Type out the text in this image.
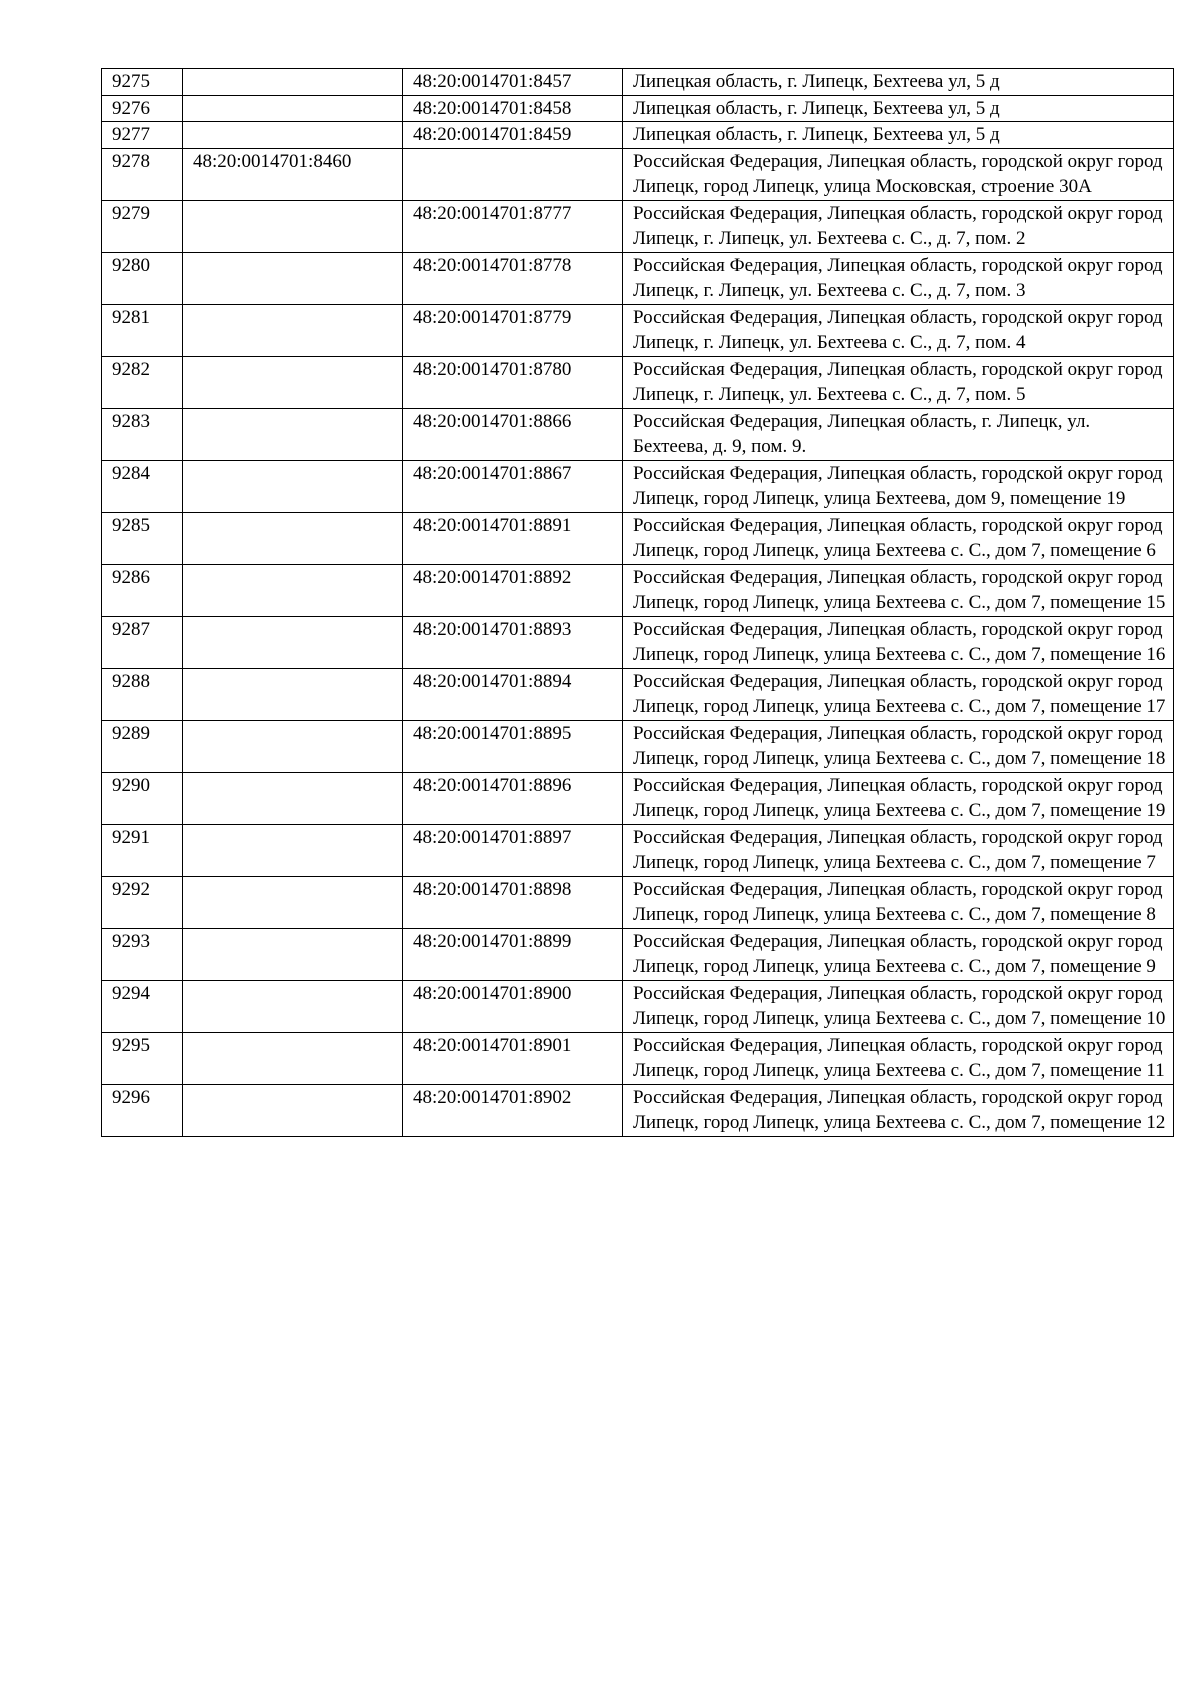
9275		48:20:0014701:8457	Липецкая область, г. Липецк, Бехтеева ул, 5 д
9276		48:20:0014701:8458	Липецкая область, г. Липецк, Бехтеева ул, 5 д
9277		48:20:0014701:8459	Липецкая область, г. Липецк, Бехтеева ул, 5 д
9278	48:20:0014701:8460		Российская Федерация, Липецкая область, городской округ город Липецк, город Липецк, улица Московская, строение 30А
9279		48:20:0014701:8777	Российская Федерация, Липецкая область, городской округ город Липецк, г. Липецк, ул. Бехтеева с. С., д. 7, пом. 2
9280		48:20:0014701:8778	Российская Федерация, Липецкая область, городской округ город Липецк, г. Липецк, ул. Бехтеева с. С., д. 7, пом. 3
9281		48:20:0014701:8779	Российская Федерация, Липецкая область, городской округ город Липецк, г. Липецк, ул. Бехтеева с. С., д. 7, пом. 4
9282		48:20:0014701:8780	Российская Федерация, Липецкая область, городской округ город Липецк, г. Липецк, ул. Бехтеева с. С., д. 7, пом. 5
9283		48:20:0014701:8866	Российская Федерация, Липецкая область, г. Липецк, ул. Бехтеева, д. 9, пом. 9.
9284		48:20:0014701:8867	Российская Федерация, Липецкая область, городской округ город Липецк, город Липецк, улица Бехтеева, дом 9, помещение 19
9285		48:20:0014701:8891	Российская Федерация, Липецкая область, городской округ город Липецк, город Липецк, улица Бехтеева с. С., дом 7, помещение 6
9286		48:20:0014701:8892	Российская Федерация, Липецкая область, городской округ город Липецк, город Липецк, улица Бехтеева с. С., дом 7, помещение 15
9287		48:20:0014701:8893	Российская Федерация, Липецкая область, городской округ город Липецк, город Липецк, улица Бехтеева с. С., дом 7, помещение 16
9288		48:20:0014701:8894	Российская Федерация, Липецкая область, городской округ город Липецк, город Липецк, улица Бехтеева с. С., дом 7, помещение 17
9289		48:20:0014701:8895	Российская Федерация, Липецкая область, городской округ город Липецк, город Липецк, улица Бехтеева с. С., дом 7, помещение 18
9290		48:20:0014701:8896	Российская Федерация, Липецкая область, городской округ город Липецк, город Липецк, улица Бехтеева с. С., дом 7, помещение 19
9291		48:20:0014701:8897	Российская Федерация, Липецкая область, городской округ город Липецк, город Липецк, улица Бехтеева с. С., дом 7, помещение 7
9292		48:20:0014701:8898	Российская Федерация, Липецкая область, городской округ город Липецк, город Липецк, улица Бехтеева с. С., дом 7, помещение 8
9293		48:20:0014701:8899	Российская Федерация, Липецкая область, городской округ город Липецк, город Липецк, улица Бехтеева с. С., дом 7, помещение 9
9294		48:20:0014701:8900	Российская Федерация, Липецкая область, городской округ город Липецк, город Липецк, улица Бехтеева с. С., дом 7, помещение 10
9295		48:20:0014701:8901	Российская Федерация, Липецкая область, городской округ город Липецк, город Липецк, улица Бехтеева с. С., дом 7, помещение 11
9296		48:20:0014701:8902	Российская Федерация, Липецкая область, городской округ город Липецк, город Липецк, улица Бехтеева с. С., дом 7, помещение 12
